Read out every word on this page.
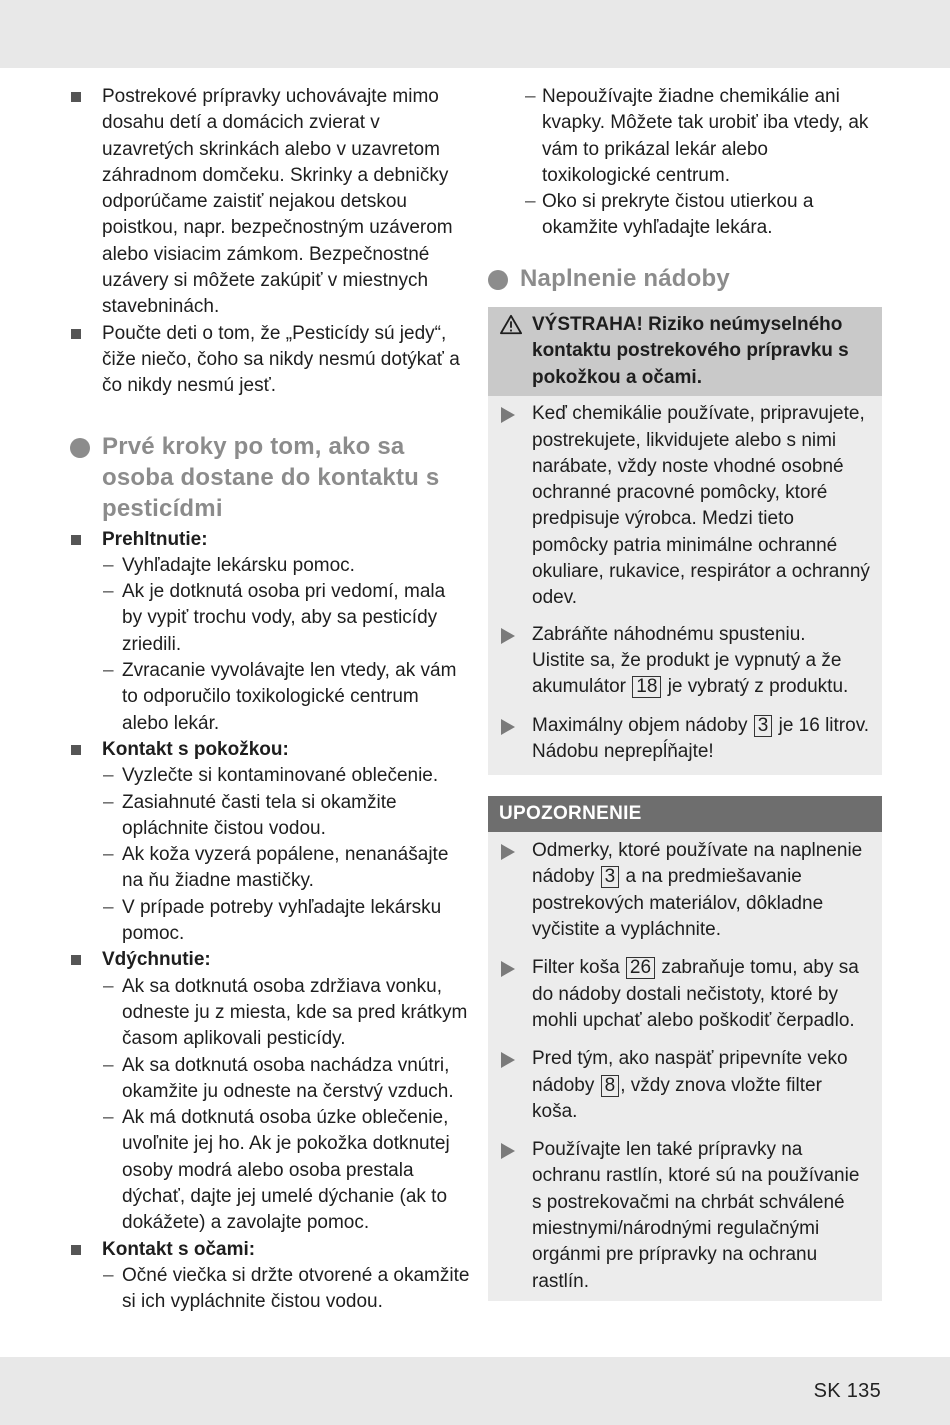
Postrekové prípravky uchovávajte mimo dosahu detí a domácich zvierat v uzavretých skrinkách alebo v uzavretom záhradnom domčeku. Skrinky a debničky odporúčame zaistiť nejakou detskou poistkou, napr. bezpečnostným uzáverom alebo visiacim zámkom. Bezpečnostné uzávery si môžete zakúpiť v miestnych stavebninách.
Poučte deti o tom, že „Pesticídy sú jedy“, čiže niečo, čoho sa nikdy nesmú dotýkať a čo nikdy nesmú jesť.
Prvé kroky po tom, ako sa osoba dostane do kontaktu s pesticídmi
Prehltnutie:
– Vyhľadajte lekársku pomoc.
– Ak je dotknutá osoba pri vedomí, mala by vypiť trochu vody, aby sa pesticídy zriedili.
– Zvracanie vyvolávajte len vtedy, ak vám to odporučilo toxikologické centrum alebo lekár.
Kontakt s pokožkou:
– Vyzlečte si kontaminované oblečenie.
– Zasiahnuté časti tela si okamžite opláchnite čistou vodou.
– Ak koža vyzerá popálene, nenanášajte na ňu žiadne mastičky.
– V prípade potreby vyhľadajte lekársku pomoc.
Vdýchnutie:
– Ak sa dotknutá osoba zdržiava vonku, odneste ju z miesta, kde sa pred krátkym časom aplikovali pesticídy.
– Ak sa dotknutá osoba nachádza vnútri, okamžite ju odneste na čerstvý vzduch.
– Ak má dotknutá osoba úzke oblečenie, uvoľnite jej ho. Ak je pokožka dotknutej osoby modrá alebo osoba prestala dýchať, dajte jej umelé dýchanie (ak to dokážete) a zavolajte pomoc.
Kontakt s očami:
– Očné viečka si držte otvorené a okamžite si ich vypláchnite čistou vodou.
– Nepoužívajte žiadne chemikálie ani kvapky. Môžete tak urobiť iba vtedy, ak vám to prikázal lekár alebo toxikologické centrum.
– Oko si prekryte čistou utierkou a okamžite vyhľadajte lekára.
Naplnenie nádoby
VÝSTRAHA! Riziko neúmyselného kontaktu postrekového prípravku s pokožkou a očami.
Keď chemikálie používate, pripravujete, postrekujete, likvidujete alebo s nimi narábate, vždy noste vhodné osobné ochranné pracovné pomôcky, ktoré predpisuje výrobca. Medzi tieto pomôcky patria minimálne ochranné okuliare, rukavice, respirátor a ochranný odev.
Zabráňte náhodnému spusteniu.
Uistite sa, že produkt je vypnutý a že akumulátor 18 je vybratý z produktu.
Maximálny objem nádoby 3 je 16 litrov. Nádobu neprepĺňajte!
UPOZORNENIE
Odmerky, ktoré používate na naplnenie nádoby 3 a na predmiešavanie postrekových materiálov, dôkladne vyčistite a vypláchnite.
Filter koša 26 zabraňuje tomu, aby sa do nádoby dostali nečistoty, ktoré by mohli upchať alebo poškodiť čerpadlo.
Pred tým, ako naspäť pripevníte veko nádoby 8 , vždy znova vložte filter koša.
Používajte len také prípravky na ochranu rastlín, ktoré sú na používanie s postrekovačmi na chrbát schválené miestnymi/národnými regulačnými orgánmi pre prípravky na ochranu rastlín.
SK 135
